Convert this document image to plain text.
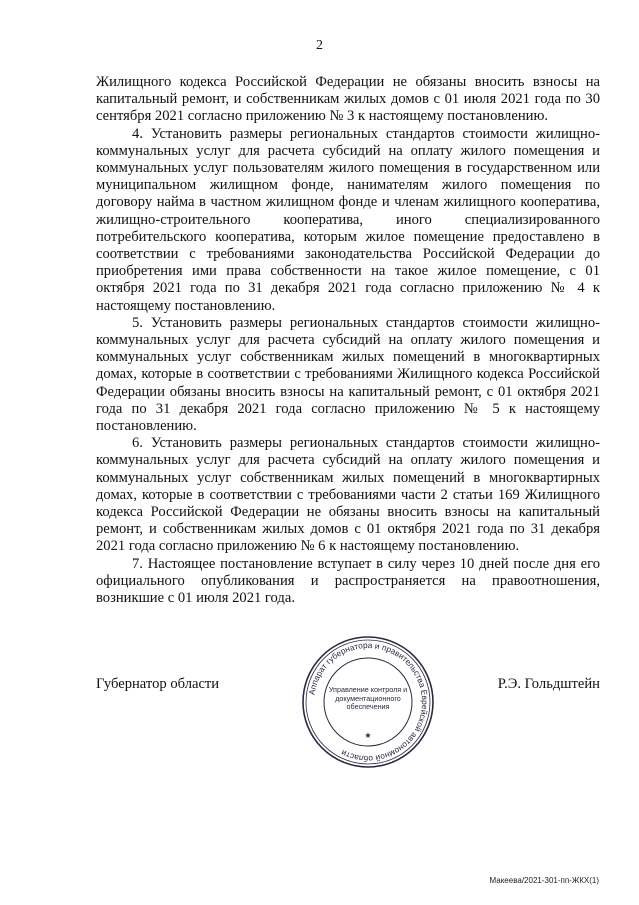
2

Жилищного кодекса Российской Федерации не обязаны вносить взносы на капитальный ремонт, и собственникам жилых домов с 01 июля 2021 года по 30 сентября 2021 согласно приложению № 3 к настоящему постановлению.

4. Установить размеры региональных стандартов стоимости жилищно-коммунальных услуг для расчета субсидий на оплату жилого помещения и коммунальных услуг пользователям жилого помещения в государственном или муниципальном жилищном фонде, нанимателям жилого помещения по договору найма в частном жилищном фонде и членам жилищного кооператива, жилищно-строительного кооператива, иного специализированного потребительского кооператива, которым жилое помещение предоставлено в соответствии с требованиями законодательства Российской Федерации до приобретения ими права собственности на такое жилое помещение, с 01 октября 2021 года по 31 декабря 2021 года согласно приложению № 4 к настоящему постановлению.

5. Установить размеры региональных стандартов стоимости жилищно-коммунальных услуг для расчета субсидий на оплату жилого помещения и коммунальных услуг собственникам жилых помещений в многоквартирных домах, которые в соответствии с требованиями Жилищного кодекса Российской Федерации обязаны вносить взносы на капитальный ремонт, с 01 октября 2021 года по 31 декабря 2021 года согласно приложению № 5 к настоящему постановлению.

6. Установить размеры региональных стандартов стоимости жилищно-коммунальных услуг для расчета субсидий на оплату жилого помещения и коммунальных услуг собственникам жилых помещений в многоквартирных домах, которые в соответствии с требованиями части 2 статьи 169 Жилищного кодекса Российской Федерации не обязаны вносить взносы на капитальный ремонт, и собственникам жилых домов с 01 октября 2021 года по 31 декабря 2021 года согласно приложению № 6 к настоящему постановлению.

7. Настоящее постановление вступает в силу через 10 дней после дня его официального опубликования и распространяется на правоотношения, возникшие с 01 июля 2021 года.

Губернатор области	Р.Э. Гольдштейн
Аппарат губернатора и правительства Еврейской автономной области
★
Управление контроля и
документационного
обеспечения
Макеева/2021-301-пп-ЖКХ(1)
